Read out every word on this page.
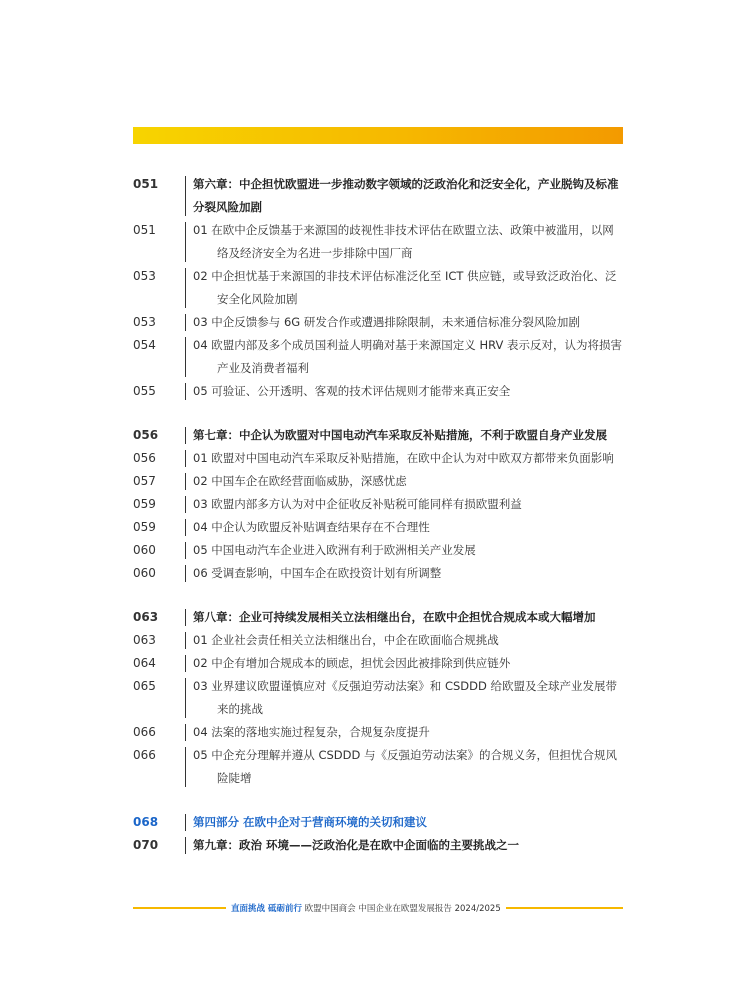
051	第六章：中企担忧欧盟进一步推动数字领域的泛政治化和泛安全化，产业脱钩及标准分裂风险加剧
051	01 在欧中企反馈基于来源国的歧视性非技术评估在欧盟立法、政策中被滥用，以网络及经济安全为名进一步排除中国厂商
053	02 中企担忧基于来源国的非技术评估标准泛化至 ICT 供应链，或导致泛政治化、泛安全化风险加剧
053	03 中企反馈参与 6G 研发合作或遭遇排除限制，未来通信标准分裂风险加剧
054	04 欧盟内部及多个成员国利益人明确对基于来源国定义 HRV 表示反对，认为将损害产业及消费者福利
055	05 可验证、公开透明、客观的技术评估规则才能带来真正安全
056	第七章：中企认为欧盟对中国电动汽车采取反补贴措施，不利于欧盟自身产业发展
056	01 欧盟对中国电动汽车采取反补贴措施，在欧中企认为对中欧双方都带来负面影响
057	02 中国车企在欧经营面临威胁，深感忧虑
059	03 欧盟内部多方认为对中企征收反补贴税可能同样有损欧盟利益
059	04 中企认为欧盟反补贴调查结果存在不合理性
060	05 中国电动汽车企业进入欧洲有利于欧洲相关产业发展
060	06 受调查影响，中国车企在欧投资计划有所调整
063	第八章：企业可持续发展相关立法相继出台，在欧中企担忧合规成本或大幅增加
063	01 企业社会责任相关立法相继出台，中企在欧面临合规挑战
064	02 中企有增加合规成本的顾虑，担忧会因此被排除到供应链外
065	03 业界建议欧盟谨慎应对《反强迫劳动法案》和 CSDDD 给欧盟及全球产业发展带来的挑战
066	04 法案的落地实施过程复杂，合规复杂度提升
066	05 中企充分理解并遵从 CSDDD 与《反强迫劳动法案》的合规义务，但担忧合规风险陡增
068	第四部分 在欧中企对于营商环境的关切和建议
070	第九章：政治 环境——泛政治化是在欧中企面临的主要挑战之一
直面挑战 砥砺前行 欧盟中国商会 中国企业在欧盟发展报告 2024/2025
